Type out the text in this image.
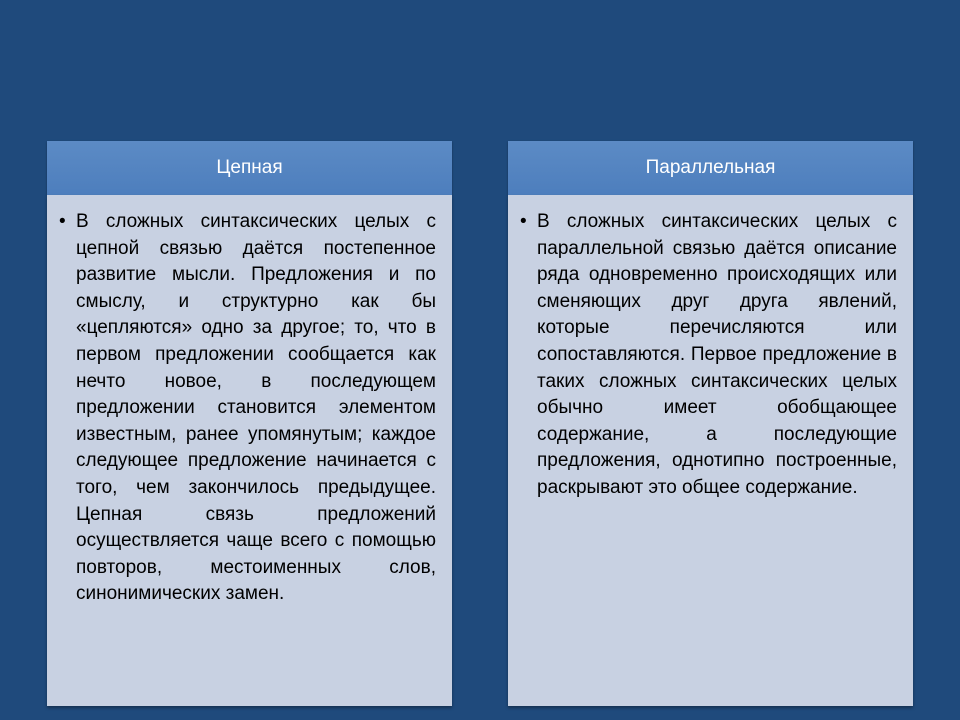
Цепная
• В сложных синтаксических целых с цепной связью даётся постепенное развитие мысли. Предложения и по смыслу, и структурно как бы «цепляются» одно за другое; то, что в первом предложении сообщается как нечто новое, в последующем предложении становится элементом известным, ранее упомянутым; каждое следующее предложение начинается с того, чем закончилось предыдущее. Цепная связь предложений осуществляется чаще всего с помощью повторов, местоименных слов, синонимических замен.

Параллельная
• В сложных синтаксических целых с параллельной связью даётся описание ряда одновременно происходящих или сменяющих друг друга явлений, которые перечисляются или сопоставляются. Первое предложение в таких сложных синтаксических целых обычно имеет обобщающее содержание, а последующие предложения, однотипно построенные, раскрывают это общее содержание.
